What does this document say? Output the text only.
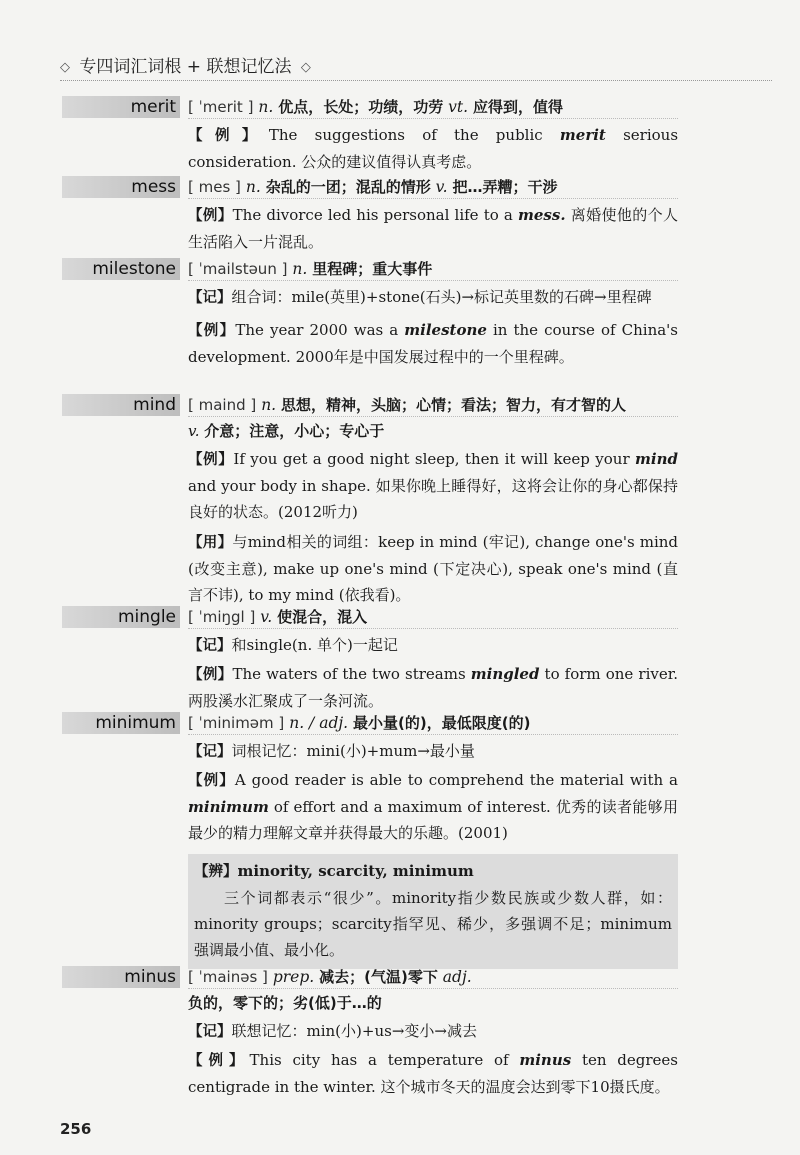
◇ 专四词汇词根 + 联想记忆法 ◇
merit [ ˈmerit ] n. 优点，长处；功绩，功劳 vt. 应得到，值得
【例】The suggestions of the public merit serious consideration. 公众的建议值得认真考虑。
mess [ mes ] n. 杂乱的一团；混乱的情形 v. 把…弄糟；干涉
【例】The divorce led his personal life to a mess. 离婚使他的个人生活陷入一片混乱。
milestone [ ˈmailstəun ] n. 里程碑；重大事件
【记】组合词：mile(英里)+stone(石头)→标记英里数的石碑→里程碑
【例】The year 2000 was a milestone in the course of China's development. 2000年是中国发展过程中的一个里程碑。
mind [ maind ] n. 思想，精神，头脑；心情；看法；智力，有才智的人
v. 介意；注意，小心；专心于
【例】If you get a good night sleep, then it will keep your mind and your body in shape. 如果你晚上睡得好，这将会让你的身心都保持良好的状态。(2012听力)
【用】与mind相关的词组：keep in mind (牢记), change one's mind (改变主意), make up one's mind (下定决心), speak one's mind (直言不讳), to my mind (依我看)。
mingle [ ˈmiŋgl ] v. 使混合，混入
【记】和single(n. 单个)一起记
【例】The waters of the two streams mingled to form one river. 两股溪水汇聚成了一条河流。
minimum [ ˈminiməm ] n. / adj. 最小量(的)，最低限度(的)
【记】词根记忆：mini(小)+mum→最小量
【例】A good reader is able to comprehend the material with a minimum of effort and a maximum of interest. 优秀的读者能够用最少的精力理解文章并获得最大的乐趣。(2001)
【辨】minority, scarcity, minimum
三个词都表示“很少”。minority指少数民族或少数人群，如：minority groups；scarcity指罕见、稀少，多强调不足；minimum强调最小值、最小化。
minus [ ˈmainəs ] prep. 减去；(气温)零下 adj.
负的，零下的；劣(低)于…的
【记】联想记忆：min(小)+us→变小→减去
【例】This city has a temperature of minus ten degrees centigrade in the winter. 这个城市冬天的温度会达到零下10摄氏度。
256
